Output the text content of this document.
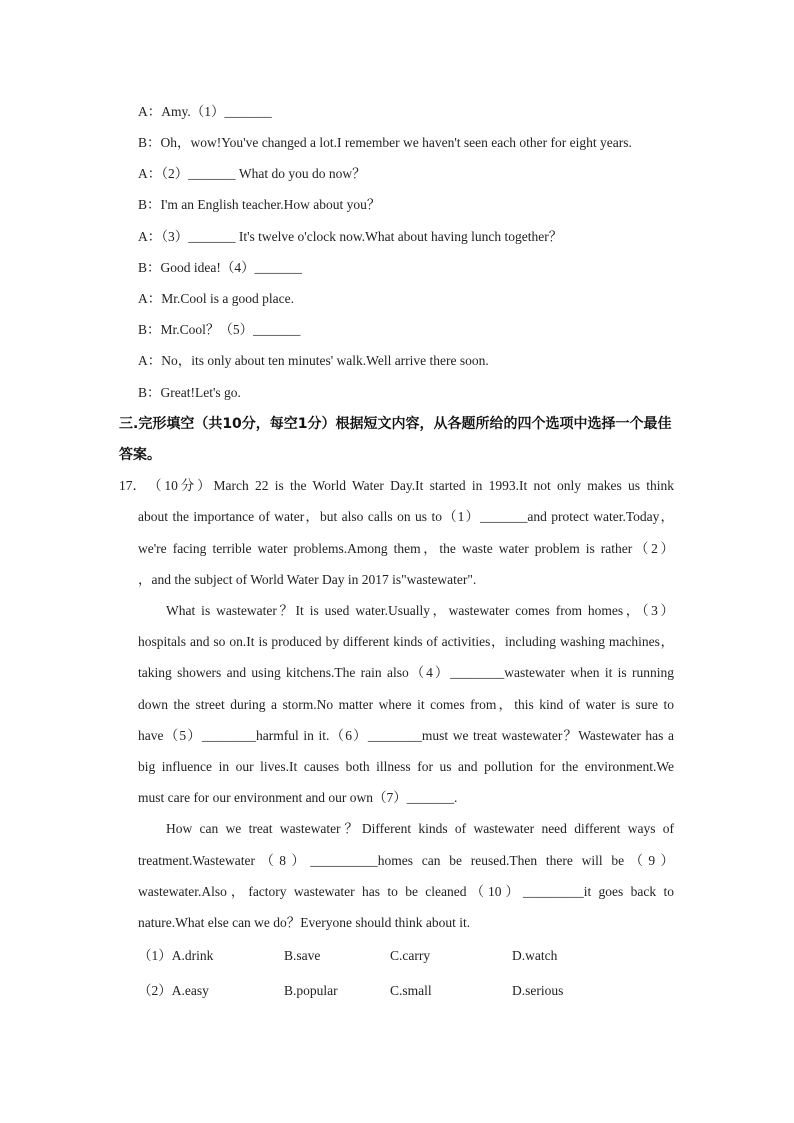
A：Amy.（1）_______
B：Oh，wow!You've changed a lot.I remember we haven't seen each other for eight years.
A：（2）_______ What do you do now？
B：I'm an English teacher.How about you？
A：（3）_______ It's twelve o'clock now.What about having lunch together？
B：Good idea!（4）_______
A：Mr.Cool is a good place.
B：Mr.Cool？（5）_______
A：No，its only about ten minutes' walk.Well arrive there soon.
B：Great!Let's go.
三.完形填空（共10分，每空1分）根据短文内容，从各题所给的四个选项中选择一个最佳
答案。
17． （10分）March 22 is the World Water Day.It started in 1993.It not only makes us think
about the importance of water，but also calls on us to（1）_______and protect water.Today，
we're facing terrible water problems.Among them，the waste water problem is rather（2）
，and the subject of World Water Day in 2017 is"wastewater".
What is wastewater？It is used water.Usually，wastewater comes from homes，（3）
hospitals and so on.It is produced by different kinds of activities，including washing machines，
taking showers and using kitchens.The rain also（4）________wastewater when it is running
down the street during a storm.No matter where it comes from，this kind of water is sure to
have（5）________harmful in it.（6）________must we treat wastewater？Wastewater has a
big influence in our lives.It causes both illness for us and pollution for the environment.We
must care for our environment and our own（7）_______.
How can we treat wastewater？Different kinds of wastewater need different ways of
treatment.Wastewater（8）__________homes can be reused.Then there will be（9）
wastewater.Also，factory wastewater has to be cleaned（10）_________it goes back to
nature.What else can we do？Everyone should think about it.
（1）A.drink	B.save	C.carry	D.watch
（2）A.easy	B.popular	C.small	D.serious
